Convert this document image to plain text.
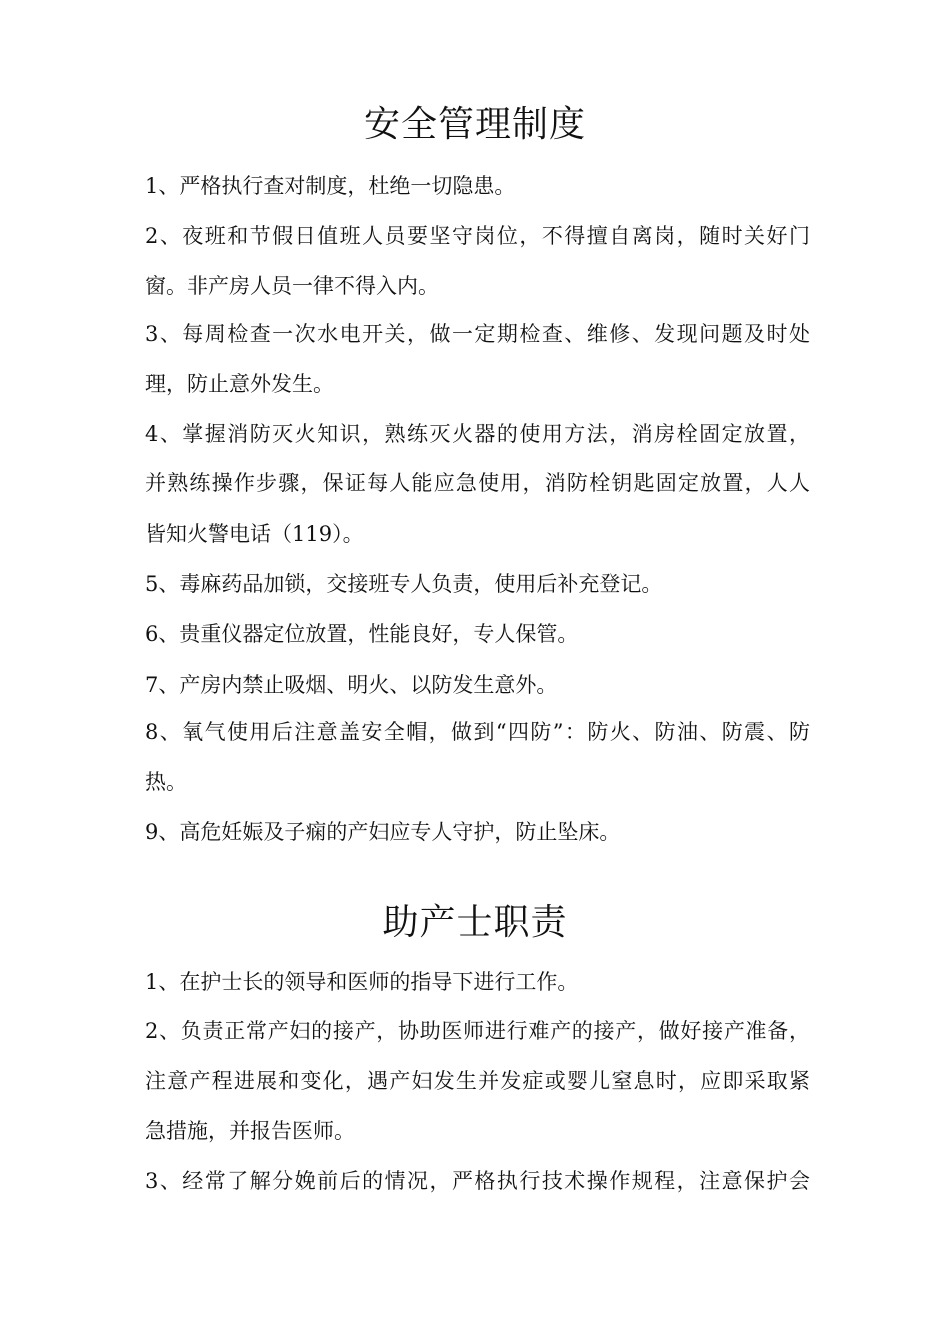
安全管理制度
1、严格执行查对制度，杜绝一切隐患。
2、夜班和节假日值班人员要坚守岗位，不得擅自离岗，随时关好门
窗。非产房人员一律不得入内。
3、每周检查一次水电开关，做一定期检查、维修、发现问题及时处
理，防止意外发生。
4、掌握消防灭火知识，熟练灭火器的使用方法，消房栓固定放置，
并熟练操作步骤，保证每人能应急使用，消防栓钥匙固定放置，人人
皆知火警电话（119）。
5、毒麻药品加锁，交接班专人负责，使用后补充登记。
6、贵重仪器定位放置，性能良好，专人保管。
7、产房内禁止吸烟、明火、以防发生意外。
8、氧气使用后注意盖安全帽，做到“四防”：防火、防油、防震、防
热。
9、高危妊娠及子痫的产妇应专人守护，防止坠床。
助产士职责
1、在护士长的领导和医师的指导下进行工作。
2、负责正常产妇的接产，协助医师进行难产的接产，做好接产准备，
注意产程进展和变化，遇产妇发生并发症或婴儿窒息时，应即采取紧
急措施，并报告医师。
3、经常了解分娩前后的情况，严格执行技术操作规程，注意保护会
